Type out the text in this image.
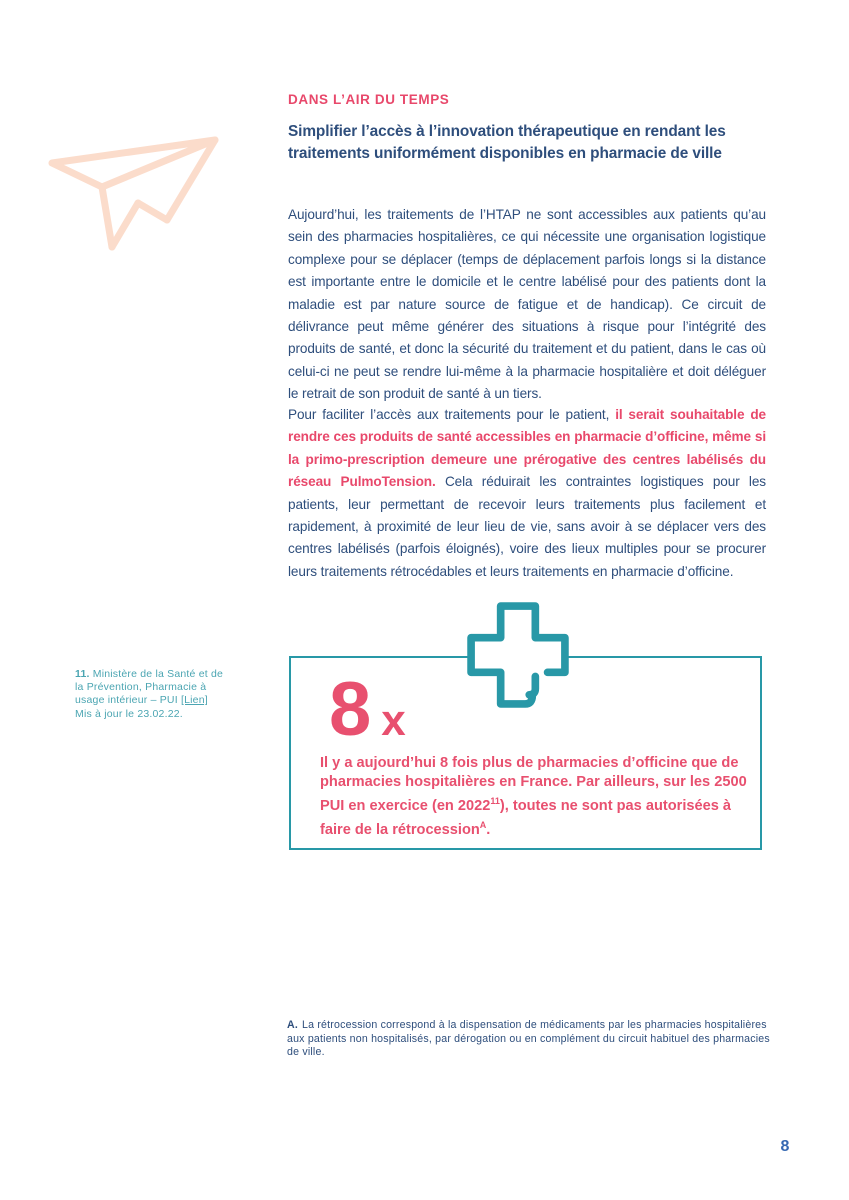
DANS L’AIR DU TEMPS
Simplifier l’accès à l’innovation thérapeutique en rendant les traitements uniformément disponibles en pharmacie de ville

Aujourd’hui, les traitements de l’HTAP ne sont accessibles aux patients qu’au sein des pharmacies hospitalières, ce qui nécessite une organisation logistique complexe pour se déplacer (temps de déplacement parfois longs si la distance est importante entre le domicile et le centre labélisé pour des patients dont la maladie est par nature source de fatigue et de handicap). Ce circuit de délivrance peut même générer des situations à risque pour l’intégrité des produits de santé, et donc la sécurité du traitement et du patient, dans le cas où celui-ci ne peut se rendre lui-même à la pharmacie hospitalière et doit déléguer le retrait de son produit de santé à un tiers.

Pour faciliter l’accès aux traitements pour le patient, il serait souhaitable de rendre ces produits de santé accessibles en pharmacie d’officine, même si la primo-prescription demeure une prérogative des centres labélisés du réseau PulmoTension. Cela réduirait les contraintes logistiques pour les patients, leur permettant de recevoir leurs traitements plus facilement et rapidement, à proximité de leur lieu de vie, sans avoir à se déplacer vers des centres labélisés (parfois éloignés), voire des lieux multiples pour se procurer leurs traitements rétrocédables et leurs traitements en pharmacie d’officine.

11. Ministère de la Santé et de la Prévention, Pharmacie à usage intérieur – PUI [Lien] Mis à jour le 23.02.22.	8 x

Il y a aujourd’hui 8 fois plus de pharmacies d’officine que de pharmacies hospitalières en France. Par ailleurs, sur les 2500 PUI en exercice (en 2022$^{11}$), toutes ne sont pas autorisées à faire de la rétrocession$^A$.

A. La rétrocession correspond à la dispensation de médicaments par les pharmacies hospitalières aux patients non hospitalisés, par dérogation ou en complément du circuit habituel des pharmacies de ville.
8
